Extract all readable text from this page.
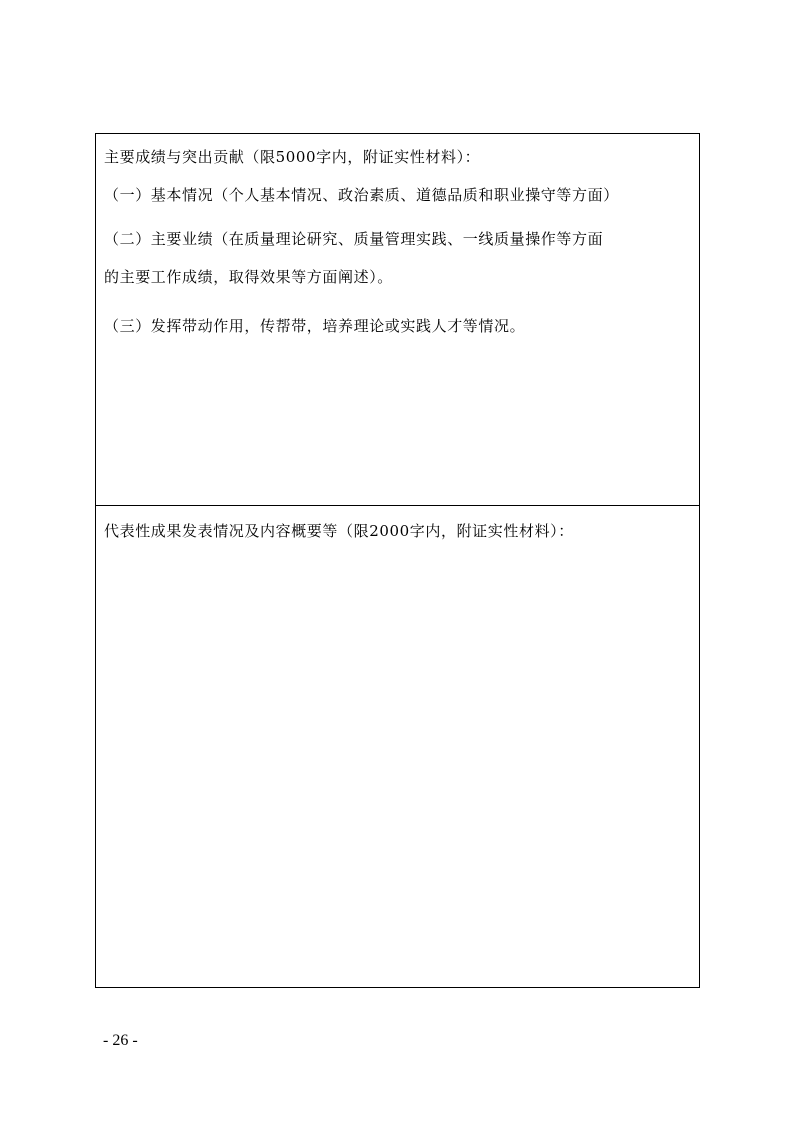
主要成绩与突出贡献（限5000字内，附证实性材料）：
（一）基本情况（个人基本情况、政治素质、道德品质和职业操守等方面）
（二）主要业绩（在质量理论研究、质量管理实践、一线质量操作等方面
的主要工作成绩，取得效果等方面阐述）。
（三）发挥带动作用，传帮带，培养理论或实践人才等情况。
代表性成果发表情况及内容概要等（限2000字内，附证实性材料）：
- 26 -
